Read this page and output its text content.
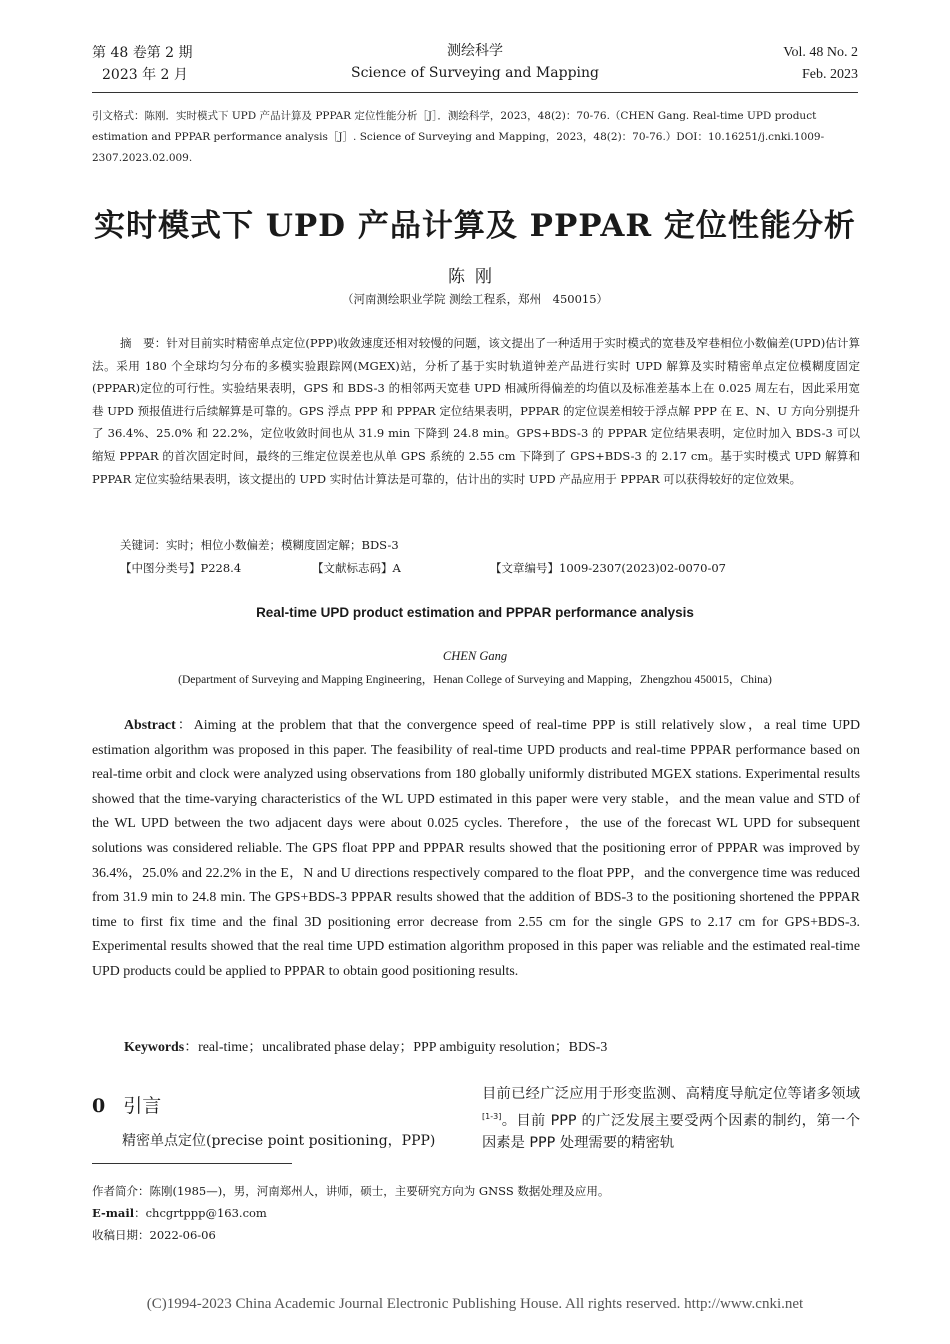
第 48 卷第 2 期
2023 年 2 月
测绘科学
Science of Surveying and Mapping
Vol. 48 No. 2
Feb. 2023
引文格式：陈刚．实时模式下 UPD 产品计算及 PPPAR 定位性能分析［J］．测绘科学，2023，48(2)：70-76.（CHEN Gang. Real-time UPD product estimation and PPPAR performance analysis［J］. Science of Surveying and Mapping，2023，48(2)：70-76.）DOI：10.16251/j.cnki.1009-2307.2023.02.009.
实时模式下 UPD 产品计算及 PPPAR 定位性能分析
陈刚
（河南测绘职业学院 测绘工程系，郑州　450015）
摘　要：针对目前实时精密单点定位(PPP)收敛速度还相对较慢的问题，该文提出了一种适用于实时模式的宽巷及窄巷相位小数偏差(UPD)估计算法。采用 180 个全球均匀分布的多模实验跟踪网(MGEX)站，分析了基于实时轨道钟差产品进行实时 UPD 解算及实时精密单点定位模糊度固定(PPPAR)定位的可行性。实验结果表明，GPS 和 BDS-3 的相邻两天宽巷 UPD 相减所得偏差的均值以及标准差基本上在 0.025 周左右，因此采用宽巷 UPD 预报值进行后续解算是可靠的。GPS 浮点 PPP 和 PPPAR 定位结果表明，PPPAR 的定位误差相较于浮点解 PPP 在 E、N、U 方向分别提升了 36.4%、25.0% 和 22.2%，定位收敛时间也从 31.9 min 下降到 24.8 min。GPS+BDS-3 的 PPPAR 定位结果表明，定位时加入 BDS-3 可以缩短 PPPAR 的首次固定时间，最终的三维定位误差也从单 GPS 系统的 2.55 cm 下降到了 GPS+BDS-3 的 2.17 cm。基于实时模式 UPD 解算和 PPPAR 定位实验结果表明，该文提出的 UPD 实时估计算法是可靠的，估计出的实时 UPD 产品应用于 PPPAR 可以获得较好的定位效果。
关键词：实时；相位小数偏差；模糊度固定解；BDS-3
【中图分类号】P228.4	【文献标志码】A	【文章编号】1009-2307(2023)02-0070-07
Real-time UPD product estimation and PPPAR performance analysis
CHEN Gang
(Department of Surveying and Mapping Engineering，Henan College of Surveying and Mapping，Zhengzhou 450015，China)
Abstract：Aiming at the problem that that the convergence speed of real-time PPP is still relatively slow，a real time UPD estimation algorithm was proposed in this paper. The feasibility of real-time UPD products and real-time PPPAR performance based on real-time orbit and clock were analyzed using observations from 180 globally uniformly distributed MGEX stations. Experimental results showed that the time-varying characteristics of the WL UPD estimated in this paper were very stable，and the mean value and STD of the WL UPD between the two adjacent days were about 0.025 cycles. Therefore，the use of the forecast WL UPD for subsequent solutions was considered reliable. The GPS float PPP and PPPAR results showed that the positioning error of PPPAR was improved by 36.4%，25.0% and 22.2% in the E，N and U directions respectively compared to the float PPP，and the convergence time was reduced from 31.9 min to 24.8 min. The GPS+BDS-3 PPPAR results showed that the addition of BDS-3 to the positioning shortened the PPPAR time to first fix time and the final 3D positioning error decrease from 2.55 cm for the single GPS to 2.17 cm for GPS+BDS-3. Experimental results showed that the real time UPD estimation algorithm proposed in this paper was reliable and the estimated real-time UPD products could be applied to PPPAR to obtain good positioning results.
Keywords：real-time；uncalibrated phase delay；PPP ambiguity resolution；BDS-3
0 引言
精密单点定位(precise point positioning，PPP)
目前已经广泛应用于形变监测、高精度导航定位等诸多领域[1-3]。目前 PPP 的广泛发展主要受两个因素的制约，第一个因素是 PPP 处理需要的精密轨
作者简介：陈刚(1985—)，男，河南郑州人，讲师，硕士，主要研究方向为 GNSS 数据处理及应用。
E-mail：chcgrtppp@163.com
收稿日期：2022-06-06
(C)1994-2023 China Academic Journal Electronic Publishing House. All rights reserved. http://www.cnki.net
